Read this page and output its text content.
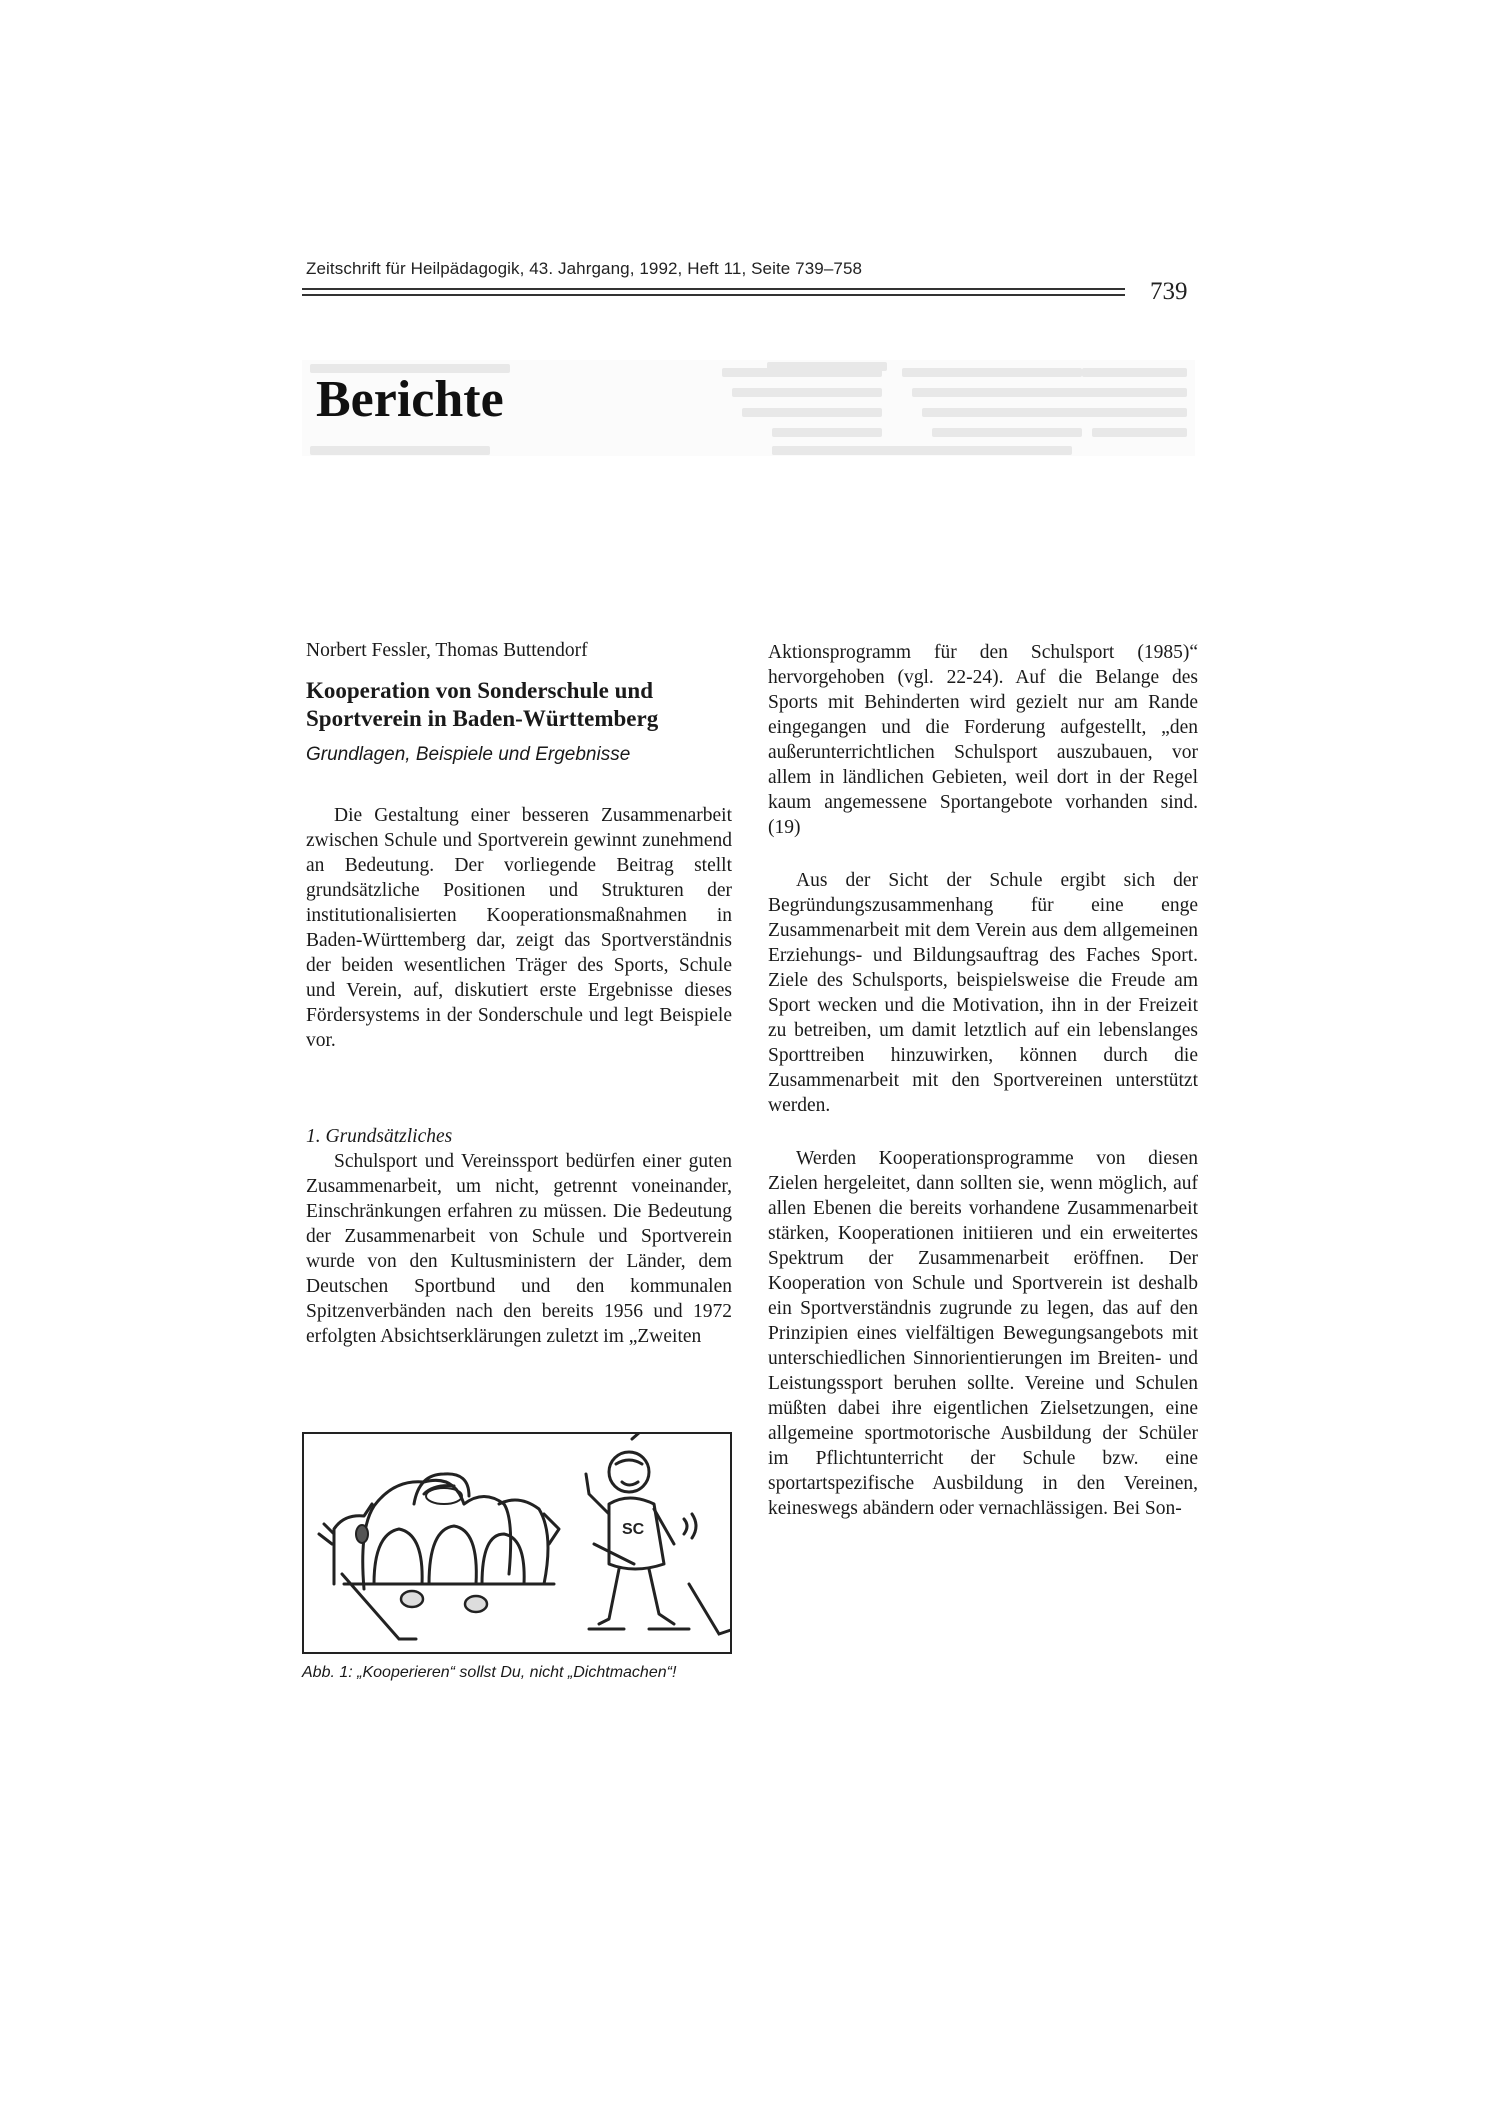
Zeitschrift für Heilpädagogik, 43. Jahrgang, 1992, Heft 11, Seite 739–758
739
Berichte
Norbert Fessler, Thomas Buttendorf
Kooperation von Sonderschule und
Sportverein in Baden-Württemberg
Grundlagen, Beispiele und Ergebnisse

Die Gestaltung einer besseren Zusammenarbeit zwischen Schule und Sportverein gewinnt zunehmend an Bedeutung. Der vorliegende Beitrag stellt grundsätzliche Positionen und Strukturen der institutionalisierten Kooperationsmaßnahmen in Baden-Württemberg dar, zeigt das Sportverständnis der beiden wesentlichen Träger des Sports, Schule und Verein, auf, diskutiert erste Ergebnisse dieses Fördersystems in der Sonderschule und legt Beispiele vor.

1. Grundsätzliches

Schulsport und Vereinssport bedürfen einer guten Zusammenarbeit, um nicht, getrennt voneinander, Einschränkungen erfahren zu müssen. Die Bedeutung der Zusammenarbeit von Schule und Sportverein wurde von den Kultusministern der Länder, dem Deutschen Sportbund und den kommunalen Spitzenverbänden nach den bereits 1956 und 1972 erfolgten Absichtserklärungen zuletzt im „Zweiten

SC
Abb. 1: „Kooperieren“ sollst Du, nicht „Dichtmachen“!

Aktionsprogramm für den Schulsport (1985)“ hervorgehoben (vgl. 22-24). Auf die Belange des Sports mit Behinderten wird gezielt nur am Rande eingegangen und die Forderung aufgestellt, „den außerunterrichtlichen Schulsport auszubauen, vor allem in ländlichen Gebieten, weil dort in der Regel kaum angemessene Sportangebote vorhanden sind. (19)

Aus der Sicht der Schule ergibt sich der Begründungszusammenhang für eine enge Zusammenarbeit mit dem Verein aus dem allgemeinen Erziehungs- und Bildungsauftrag des Faches Sport. Ziele des Schulsports, beispielsweise die Freude am Sport wecken und die Motivation, ihn in der Freizeit zu betreiben, um damit letztlich auf ein lebenslanges Sporttreiben hinzuwirken, können durch die Zusammenarbeit mit den Sportvereinen unterstützt werden.

Werden Kooperationsprogramme von diesen Zielen hergeleitet, dann sollten sie, wenn möglich, auf allen Ebenen die bereits vorhandene Zusammenarbeit stärken, Kooperationen initiieren und ein erweitertes Spektrum der Zusammenarbeit eröffnen. Der Kooperation von Schule und Sportverein ist deshalb ein Sportverständnis zugrunde zu legen, das auf den Prinzipien eines vielfältigen Bewegungsangebots mit unterschiedlichen Sinnorientierungen im Breiten- und Leistungssport beruhen sollte. Vereine und Schulen müßten dabei ihre eigentlichen Zielsetzungen, eine allgemeine sportmotorische Ausbildung der Schüler im Pflichtunterricht der Schule bzw. eine sportartspezifische Ausbildung in den Vereinen, keineswegs abändern oder vernachlässigen. Bei Son-
